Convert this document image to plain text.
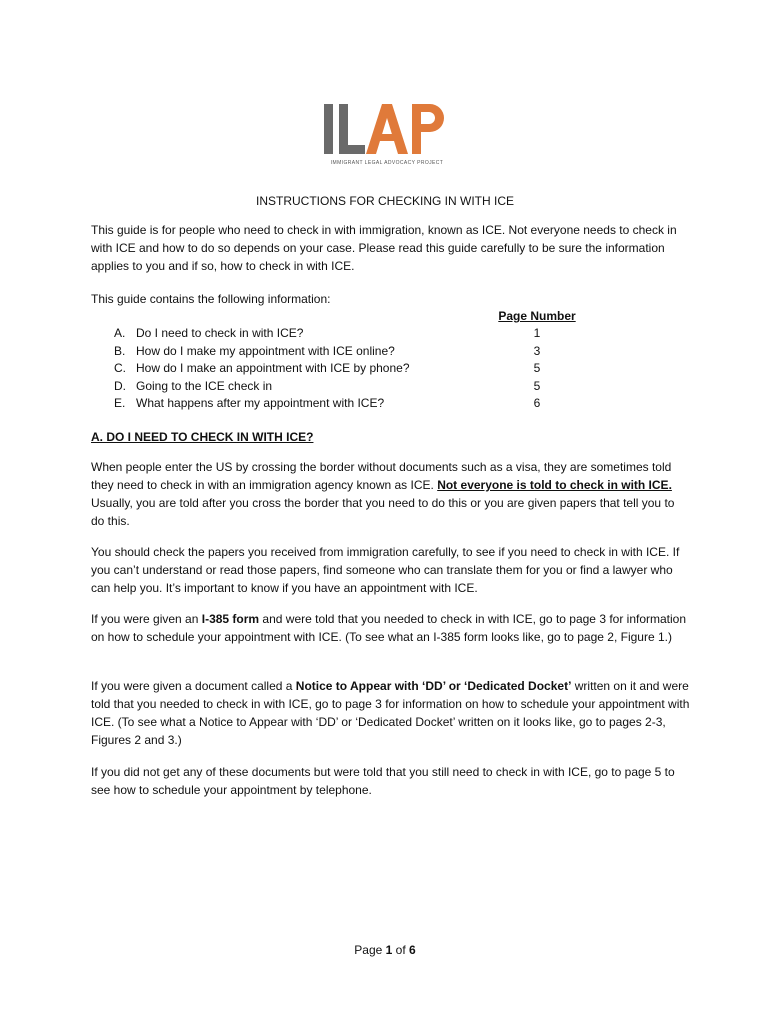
IMMIGRANT LEGAL ADVOCACY PROJECT
INSTRUCTIONS FOR CHECKING IN WITH ICE

This guide is for people who need to check in with immigration, known as ICE. Not everyone needs to check in with ICE and how to do so depends on your case. Please read this guide carefully to be sure the information applies to you and if so, how to check in with ICE.

This guide contains the following information:

A. Do I need to check in with ICE?
B. How do I make my appointment with ICE online?
C. How do I make an appointment with ICE by phone?
D. Going to the ICE check in
E. What happens after my appointment with ICE?
Page Number
1
3
5
5
6
A. DO I NEED TO CHECK IN WITH ICE?

When people enter the US by crossing the border without documents such as a visa, they are sometimes told they need to check in with an immigration agency known as ICE. Not everyone is told to check in with ICE. Usually, you are told after you cross the border that you need to do this or you are given papers that tell you to do this.

You should check the papers you received from immigration carefully, to see if you need to check in with ICE. If you can’t understand or read those papers, find someone who can translate them for you or find a lawyer who can help you. It’s important to know if you have an appointment with ICE.

If you were given an I-385 form and were told that you needed to check in with ICE, go to page 3 for information on how to schedule your appointment with ICE. (To see what an I-385 form looks like, go to page 2, Figure 1.)

If you were given a document called a Notice to Appear with ‘DD’ or ‘Dedicated Docket’ written on it and were told that you needed to check in with ICE, go to page 3 for information on how to schedule your appointment with ICE. (To see what a Notice to Appear with ‘DD’ or ‘Dedicated Docket’ written on it looks like, go to pages 2-3, Figures 2 and 3.)

If you did not get any of these documents but were told that you still need to check in with ICE, go to page 5 to see how to schedule your appointment by telephone.

Page 1 of 6
